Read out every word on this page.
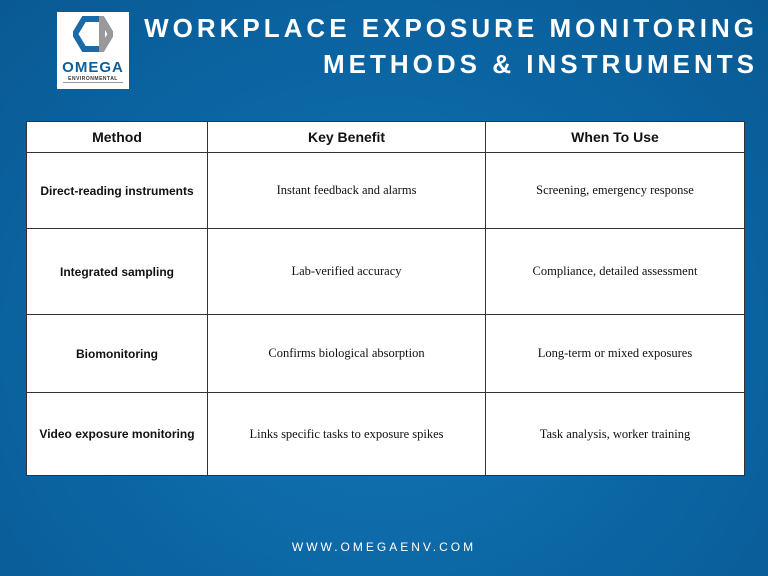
OMEGA
ENVIRONMENTAL
WORKPLACE EXPOSURE MONITORING
METHODS & INSTRUMENTS
Method	Key Benefit	When To Use
Direct-reading instruments	Instant feedback and alarms	Screening, emergency response
Integrated sampling	Lab-verified accuracy	Compliance, detailed assessment
Biomonitoring	Confirms biological absorption	Long-term or mixed exposures
Video exposure monitoring	Links specific tasks to exposure spikes	Task analysis, worker training
WWW.OMEGAENV.COM
